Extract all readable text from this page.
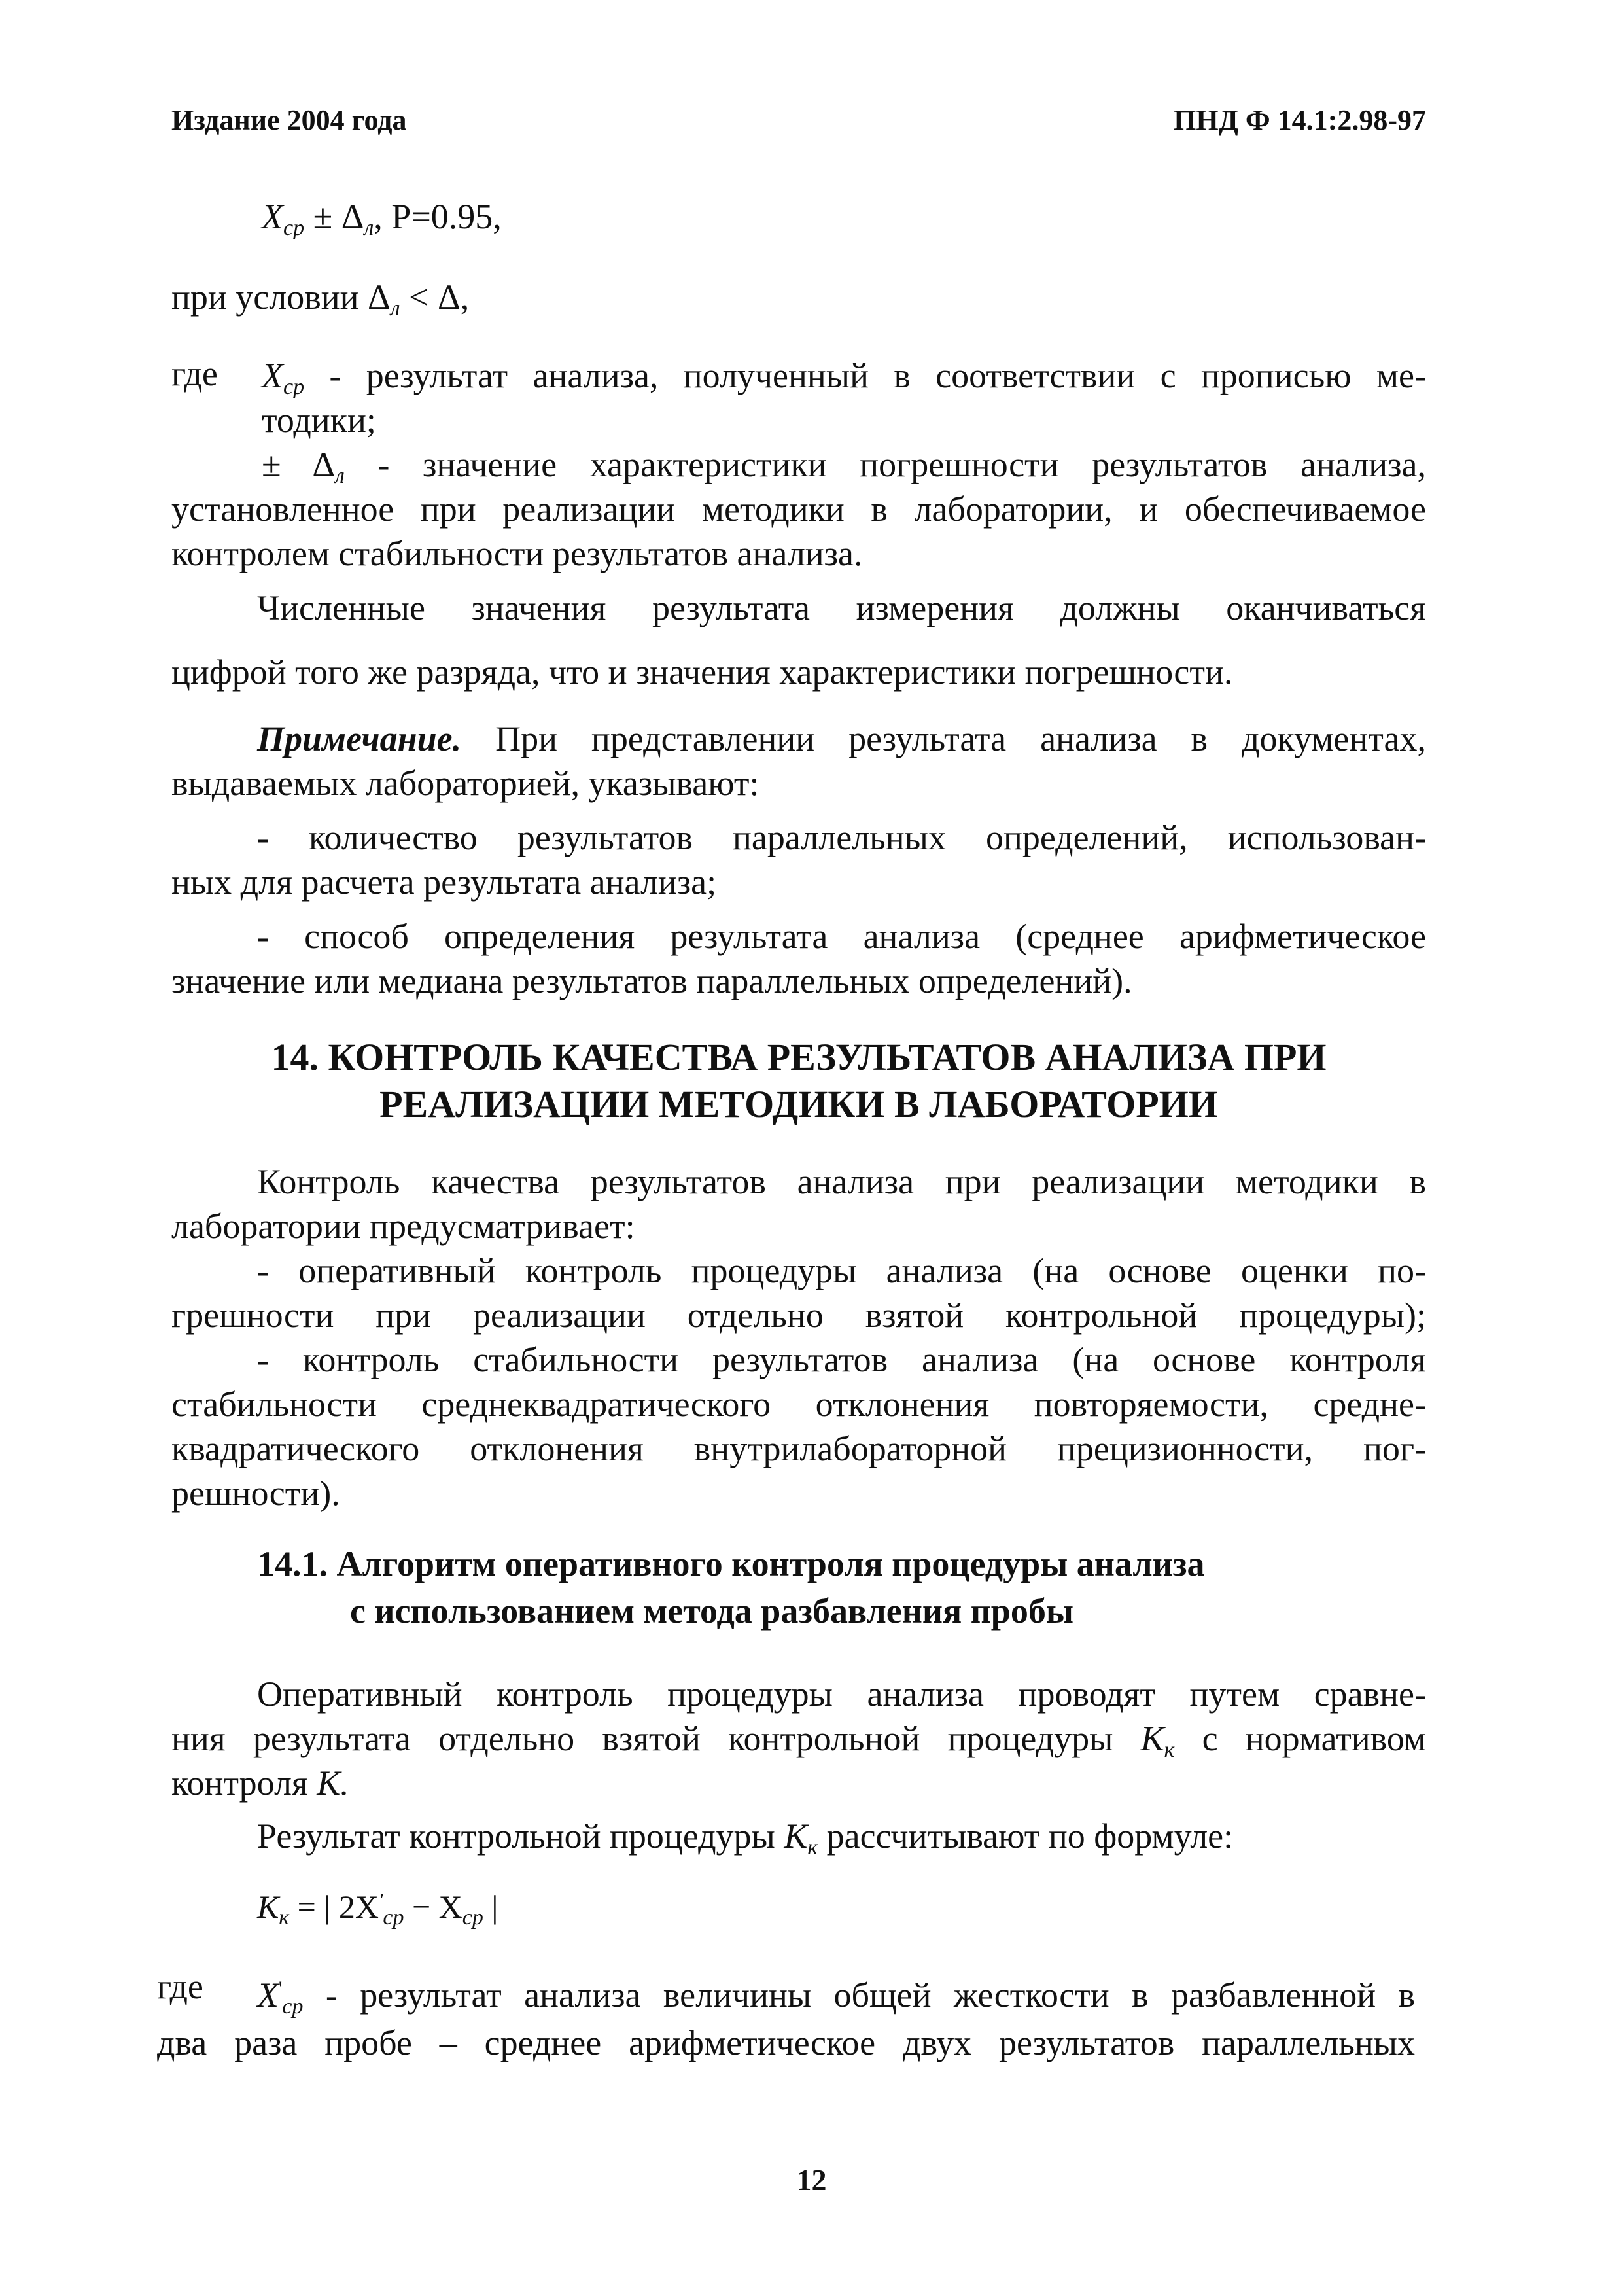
Издание 2004 года	ПНД Ф 14.1:2.98-97
$X_{ср} \pm \Delta_л$, P=0.95,
при условии $\Delta_л < \Delta$,
где $X_{ср}$ - результат анализа, полученный в соответствии с прописью ме-
тодики;
± $\Delta_л$ - значение характеристики погрешности результатов анализа,
установленное при реализации методики в лаборатории, и обеспечиваемое
контролем стабильности результатов анализа.
Численные значения результата измерения должны оканчиваться
цифрой того же разряда, что и значения характеристики погрешности.
Примечание. При представлении результата анализа в документах,
выдаваемых лабораторией, указывают:
- количество результатов параллельных определений, использован-
ных для расчета результата анализа;
- способ определения результата анализа (среднее арифметическое
значение или медиана результатов параллельных определений).
14. КОНТРОЛЬ КАЧЕСТВА РЕЗУЛЬТАТОВ АНАЛИЗА ПРИ
РЕАЛИЗАЦИИ МЕТОДИКИ В ЛАБОРАТОРИИ
Контроль качества результатов анализа при реализации методики в
лаборатории предусматривает:
- оперативный контроль процедуры анализа (на основе оценки по-
грешности при реализации отдельно взятой контрольной процедуры);
- контроль стабильности результатов анализа (на основе контроля
стабильности среднеквадратического отклонения повторяемости, средне-
квадратического отклонения внутрилабораторной прецизионности, пог-
решности).
14.1. Алгоритм оперативного контроля процедуры анализа
с использованием метода разбавления пробы
Оперативный контроль процедуры анализа проводят путем сравне-
ния результата отдельно взятой контрольной процедуры $К_к$ с нормативом
контроля К.
Результат контрольной процедуры $К_к$ рассчитывают по формуле:
$К_к$ = | $2X'_{ср} - X_{ср}$ |
где $X'_{ср}$ - результат анализа величины общей жесткости в разбавленной в
два раза пробе – среднее арифметическое двух результатов параллельных
12
